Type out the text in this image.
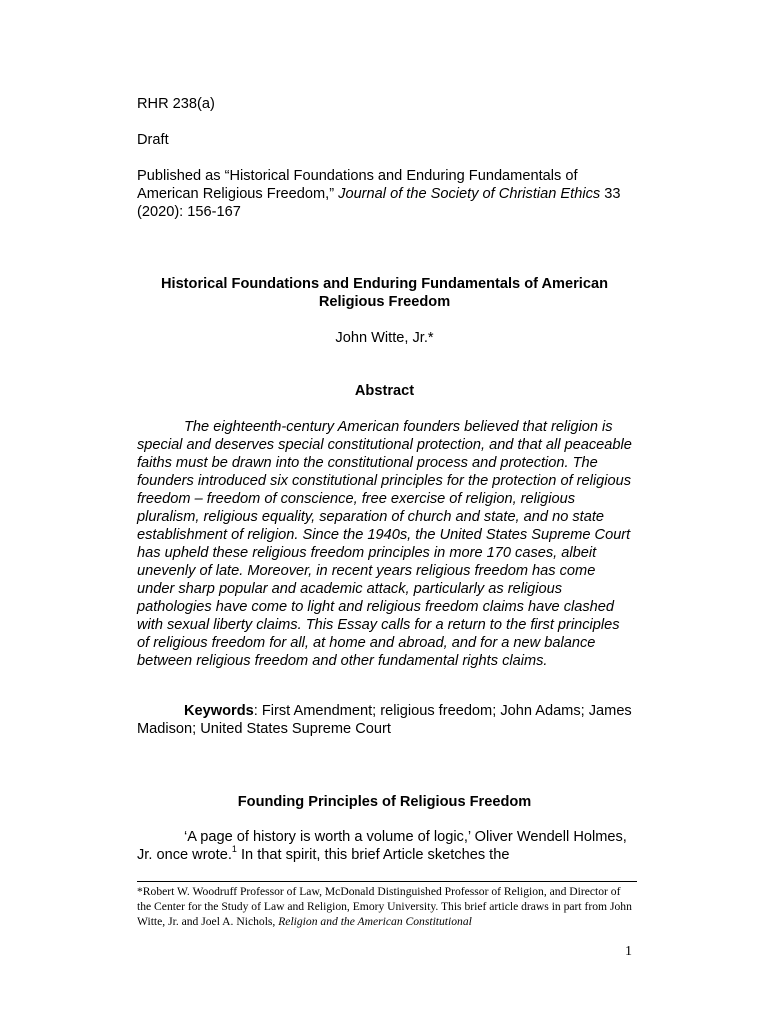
RHR 238(a)

Draft

Published as “Historical Foundations and Enduring Fundamentals of American Religious Freedom,” Journal of the Society of Christian Ethics 33 (2020): 156-167

Historical Foundations and Enduring Fundamentals of American Religious Freedom

John Witte, Jr.*

Abstract

The eighteenth-century American founders believed that religion is special and deserves special constitutional protection, and that all peaceable faiths must be drawn into the constitutional process and protection. The founders introduced six constitutional principles for the protection of religious freedom – freedom of conscience, free exercise of religion, religious pluralism, religious equality, separation of church and state, and no state establishment of religion. Since the 1940s, the United States Supreme Court has upheld these religious freedom principles in more 170 cases, albeit unevenly of late. Moreover, in recent years religious freedom has come under sharp popular and academic attack, particularly as religious pathologies have come to light and religious freedom claims have clashed with sexual liberty claims. This Essay calls for a return to the first principles of religious freedom for all, at home and abroad, and for a new balance between religious freedom and other fundamental rights claims.

Keywords: First Amendment; religious freedom; John Adams; James Madison; United States Supreme Court

Founding Principles of Religious Freedom

‘A page of history is worth a volume of logic,’ Oliver Wendell Holmes, Jr. once wrote.$^1$ In that spirit, this brief Article sketches the

*Robert W. Woodruff Professor of Law, McDonald Distinguished Professor of Religion, and Director of the Center for the Study of Law and Religion, Emory University. This brief article draws in part from John Witte, Jr. and Joel A. Nichols, Religion and the American Constitutional

1
